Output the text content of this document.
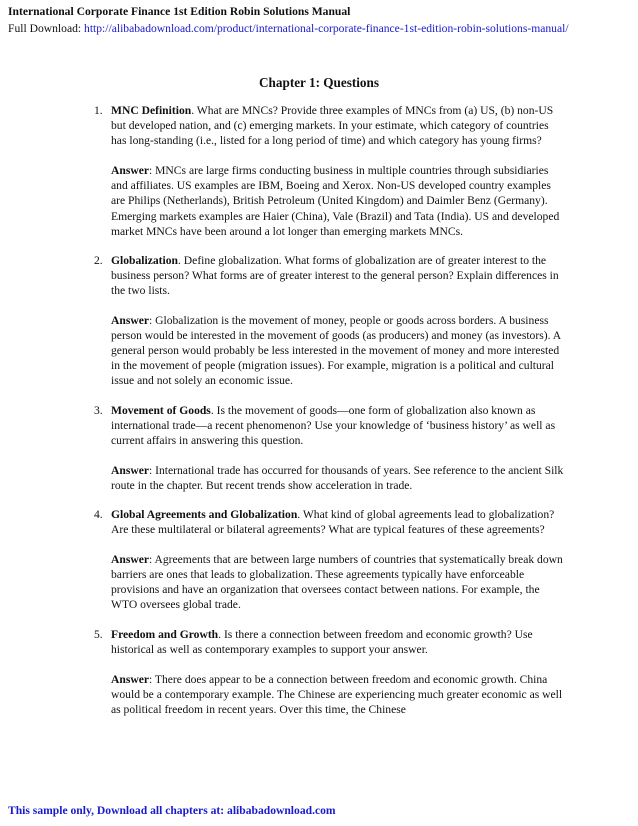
International Corporate Finance 1st Edition Robin Solutions Manual
Full Download: http://alibabadownload.com/product/international-corporate-finance-1st-edition-robin-solutions-manual/
Chapter 1: Questions
1. MNC Definition. What are MNCs? Provide three examples of MNCs from (a) US, (b) non-US but developed nation, and (c) emerging markets. In your estimate, which category of countries has long-standing (i.e., listed for a long period of time) and which category has young firms?

Answer: MNCs are large firms conducting business in multiple countries through subsidiaries and affiliates. US examples are IBM, Boeing and Xerox. Non-US developed country examples are Philips (Netherlands), British Petroleum (United Kingdom) and Daimler Benz (Germany). Emerging markets examples are Haier (China), Vale (Brazil) and Tata (India). US and developed market MNCs have been around a lot longer than emerging markets MNCs.

2. Globalization. Define globalization. What forms of globalization are of greater interest to the business person? What forms are of greater interest to the general person? Explain differences in the two lists.

Answer: Globalization is the movement of money, people or goods across borders. A business person would be interested in the movement of goods (as producers) and money (as investors). A general person would probably be less interested in the movement of money and more interested in the movement of people (migration issues). For example, migration is a political and cultural issue and not solely an economic issue.

3. Movement of Goods. Is the movement of goods—one form of globalization also known as international trade—a recent phenomenon? Use your knowledge of ‘business history’ as well as current affairs in answering this question.

Answer: International trade has occurred for thousands of years. See reference to the ancient Silk route in the chapter. But recent trends show acceleration in trade.

4. Global Agreements and Globalization. What kind of global agreements lead to globalization? Are these multilateral or bilateral agreements? What are typical features of these agreements?

Answer: Agreements that are between large numbers of countries that systematically break down barriers are ones that leads to globalization. These agreements typically have enforceable provisions and have an organization that oversees contact between nations. For example, the WTO oversees global trade.

5. Freedom and Growth. Is there a connection between freedom and economic growth? Use historical as well as contemporary examples to support your answer.

Answer: There does appear to be a connection between freedom and economic growth. China would be a contemporary example. The Chinese are experiencing much greater economic as well as political freedom in recent years. Over this time, the Chinese

This sample only, Download all chapters at: alibabadownload.com
